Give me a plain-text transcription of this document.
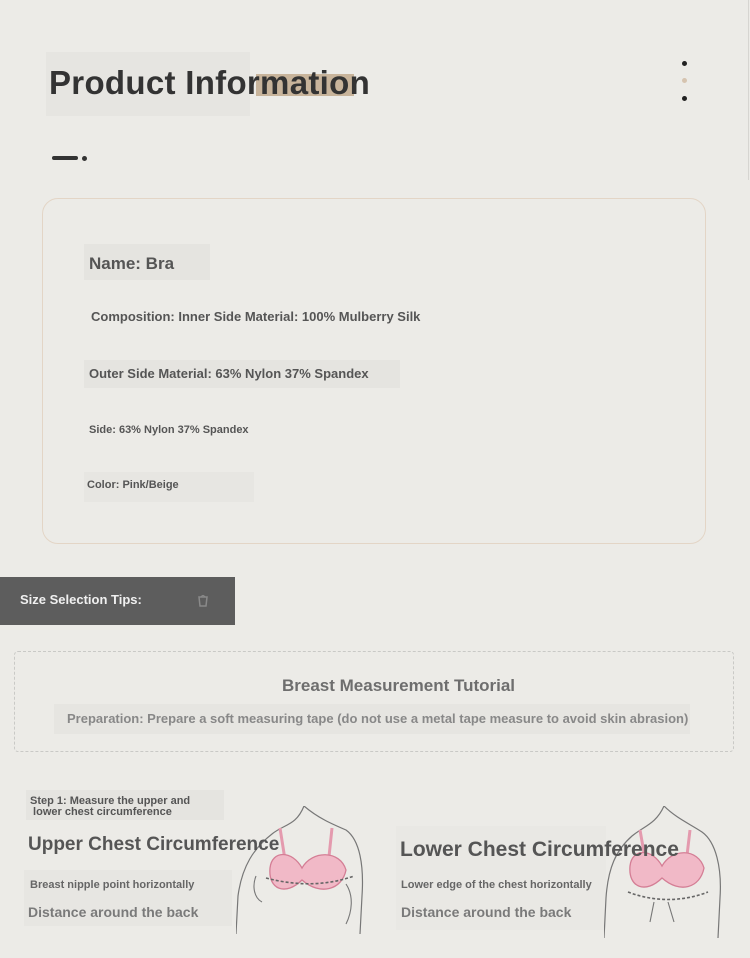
Product Information
Name: Bra
Composition: Inner Side Material: 100% Mulberry Silk
Outer Side Material: 63% Nylon 37% Spandex
Side: 63% Nylon 37% Spandex
Color: Pink/Beige
Size Selection Tips:
Breast Measurement Tutorial
Preparation: Prepare a soft measuring tape (do not use a metal tape measure to avoid skin abrasion)
Step 1: Measure the upper and
lower chest circumference
Upper Chest Circumference
Breast nipple point horizontally
Distance around the back
Lower Chest Circumference
Lower edge of the chest horizontally
Distance around the back
